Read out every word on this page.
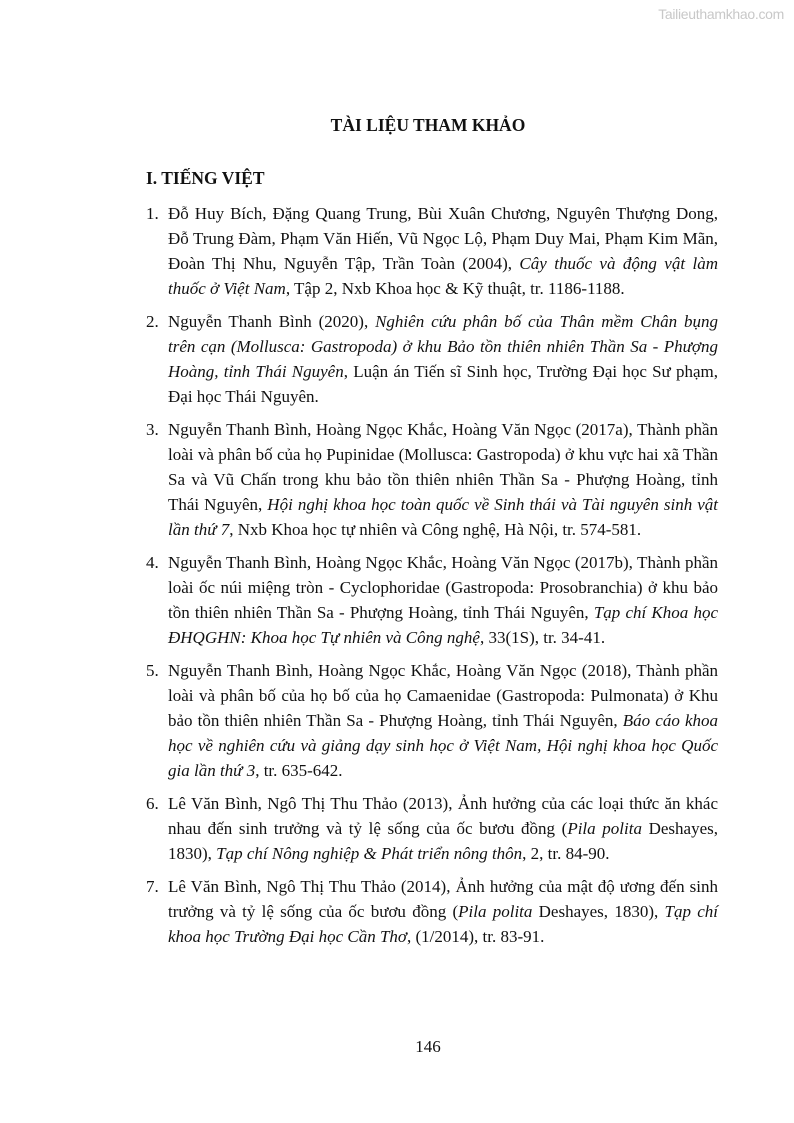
Tailieuthamkhao.com
TÀI LIỆU THAM KHẢO
I. TIẾNG VIỆT
1. Đỗ Huy Bích, Đặng Quang Trung, Bùi Xuân Chương, Nguyên Thượng Dong, Đỗ Trung Đàm, Phạm Văn Hiến, Vũ Ngọc Lộ, Phạm Duy Mai, Phạm Kim Mãn, Đoàn Thị Nhu, Nguyễn Tập, Trần Toàn (2004), Cây thuốc và động vật làm thuốc ở Việt Nam, Tập 2, Nxb Khoa học & Kỹ thuật, tr. 1186-1188.
2. Nguyễn Thanh Bình (2020), Nghiên cứu phân bố của Thân mềm Chân bụng trên cạn (Mollusca: Gastropoda) ở khu Bảo tồn thiên nhiên Thần Sa - Phượng Hoàng, tỉnh Thái Nguyên, Luận án Tiến sĩ Sinh học, Trường Đại học Sư phạm, Đại học Thái Nguyên.
3. Nguyễn Thanh Bình, Hoàng Ngọc Khắc, Hoàng Văn Ngọc (2017a), Thành phần loài và phân bố của họ Pupinidae (Mollusca: Gastropoda) ở khu vực hai xã Thần Sa và Vũ Chấn trong khu bảo tồn thiên nhiên Thần Sa - Phượng Hoàng, tỉnh Thái Nguyên, Hội nghị khoa học toàn quốc về Sinh thái và Tài nguyên sinh vật lần thứ 7, Nxb Khoa học tự nhiên và Công nghệ, Hà Nội, tr. 574-581.
4. Nguyễn Thanh Bình, Hoàng Ngọc Khắc, Hoàng Văn Ngọc (2017b), Thành phần loài ốc núi miệng tròn - Cyclophoridae (Gastropoda: Prosobranchia) ở khu bảo tồn thiên nhiên Thần Sa - Phượng Hoàng, tỉnh Thái Nguyên, Tạp chí Khoa học ĐHQGHN: Khoa học Tự nhiên và Công nghệ, 33(1S), tr. 34-41.
5. Nguyễn Thanh Bình, Hoàng Ngọc Khắc, Hoàng Văn Ngọc (2018), Thành phần loài và phân bố của họ bố của họ Camaenidae (Gastropoda: Pulmonata) ở Khu bảo tồn thiên nhiên Thần Sa - Phượng Hoàng, tỉnh Thái Nguyên, Báo cáo khoa học về nghiên cứu và giảng dạy sinh học ở Việt Nam, Hội nghị khoa học Quốc gia lần thứ 3, tr. 635-642.
6. Lê Văn Bình, Ngô Thị Thu Thảo (2013), Ảnh hưởng của các loại thức ăn khác nhau đến sinh trưởng và tỷ lệ sống của ốc bươu đồng (Pila polita Deshayes, 1830), Tạp chí Nông nghiệp & Phát triển nông thôn, 2, tr. 84-90.
7. Lê Văn Bình, Ngô Thị Thu Thảo (2014), Ảnh hưởng của mật độ ương đến sinh trưởng và tỷ lệ sống của ốc bươu đồng (Pila polita Deshayes, 1830), Tạp chí khoa học Trường Đại học Cần Thơ, (1/2014), tr. 83-91.
146
